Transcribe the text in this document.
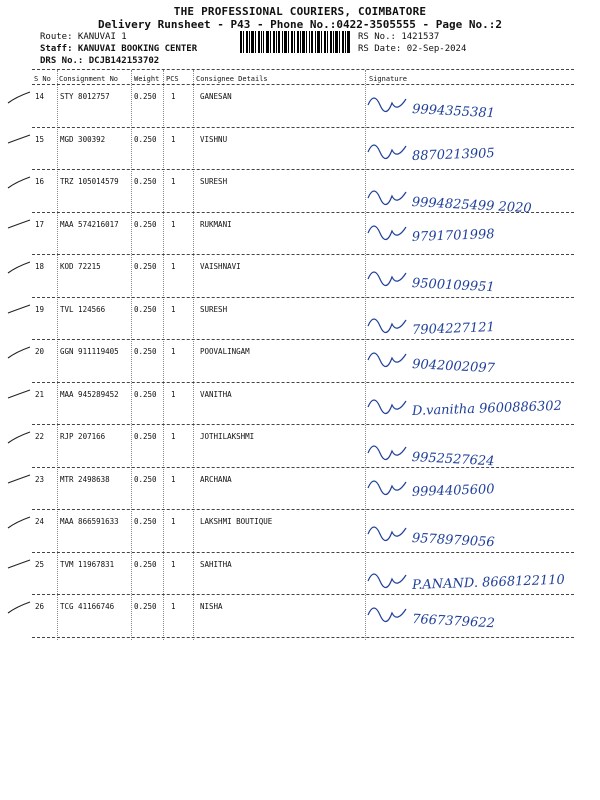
THE PROFESSIONAL COURIERS, COIMBATORE
Delivery Runsheet - P43 - Phone No.:0422-3505555 - Page No.:2
Route: KANUVAI 1
Staff: KANUVAI BOOKING CENTER
DRS No.: DCJB142153702
RS No.: 1421537
RS Date: 02-Sep-2024
S No Consignment No Weight PCS Consignee Details	Signature
14 STY 8012757	0.250 1	GANESAN
9994355381
15 MGD 300392	0.250 1	VISHNU
8870213905
16 TRZ 105014579 0.250 1	SURESH
9994825499 2020
17 MAA 574216017 0.250 1	RUKMANI
9791701998
18 KOD 72215	0.250 1	VAISHNAVI
9500109951
19 TVL 124566	0.250 1	SURESH
7904227121
20 GGN 911119405 0.250 1	POOVALINGAM
9042002097
21 MAA 945289452 0.250 1	VANITHA
D.vanitha 9600886302
22 RJP 207166	0.250 1	JOTHILAKSHMI
9952527624
23 MTR 2498638	0.250 1	ARCHANA
9994405600
24 MAA 866591633 0.250 1	LAKSHMI BOUTIQUE
9578979056
25 TVM 11967831	0.250 1	SAHITHA
P.ANAND. 8668122110
26 TCG 41166746	0.250 1	NISHA
7667379622
